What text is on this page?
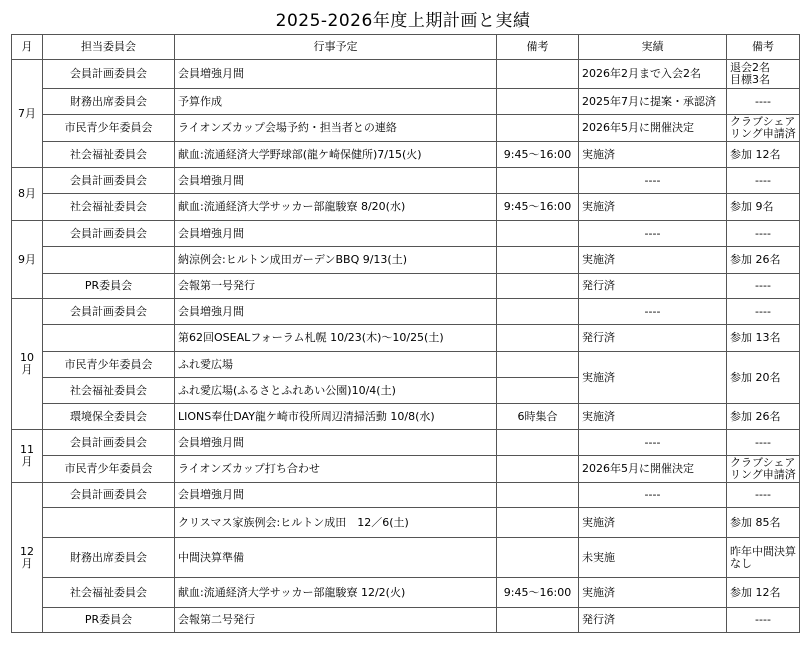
2025-2026年度上期計画と実績
月	担当委員会	行事予定	備考	実績	備考
7月	会員計画委員会	会員増強月間		2026年2月まで入会2名	退会2名
目標3名
	財務出席委員会	予算作成		2025年7月に提案・承認済	----
	市民青少年委員会	ライオンズカップ会場予約・担当者との連絡		2026年5月に開催決定	クラブシェアリング申請済
	社会福祉委員会	献血:流通経済大学野球部(龍ケ崎保健所)7/15(火)	9:45～16:00	実施済	参加 12名
8月	会員計画委員会	会員増強月間		----	----
	社会福祉委員会	献血:流通経済大学サッカー部龍駿寮 8/20(水)	9:45～16:00	実施済	参加 9名
9月	会員計画委員会	会員増強月間		----	----
		納涼例会:ヒルトン成田ガーデンBBQ 9/13(土)		実施済	参加 26名
	PR委員会	会報第一号発行		発行済	----
10月	会員計画委員会	会員増強月間		----	----
		第62回OSEALフォーラム札幌 10/23(木)～10/25(土)		発行済	参加 13名
	市民青少年委員会	ふれ愛広場		実施済	参加 20名
	社会福祉委員会	ふれ愛広場(ふるさとふれあい公園)10/4(土)			
	環境保全委員会	LIONS奉仕DAY龍ケ崎市役所周辺清掃活動 10/8(水)	6時集合	実施済	参加 26名
11月	会員計画委員会	会員増強月間		----	----
	市民青少年委員会	ライオンズカップ打ち合わせ		2026年5月に開催決定	クラブシェアリング申請済
12月	会員計画委員会	会員増強月間		----	----
		クリスマス家族例会:ヒルトン成田　12／6(土)		実施済	参加 85名
	財務出席委員会	中間決算準備		未実施	昨年中間決算なし
	社会福祉委員会	献血:流通経済大学サッカー部龍駿寮 12/2(火)	9:45～16:00	実施済	参加 12名
	PR委員会	会報第二号発行		発行済	----
